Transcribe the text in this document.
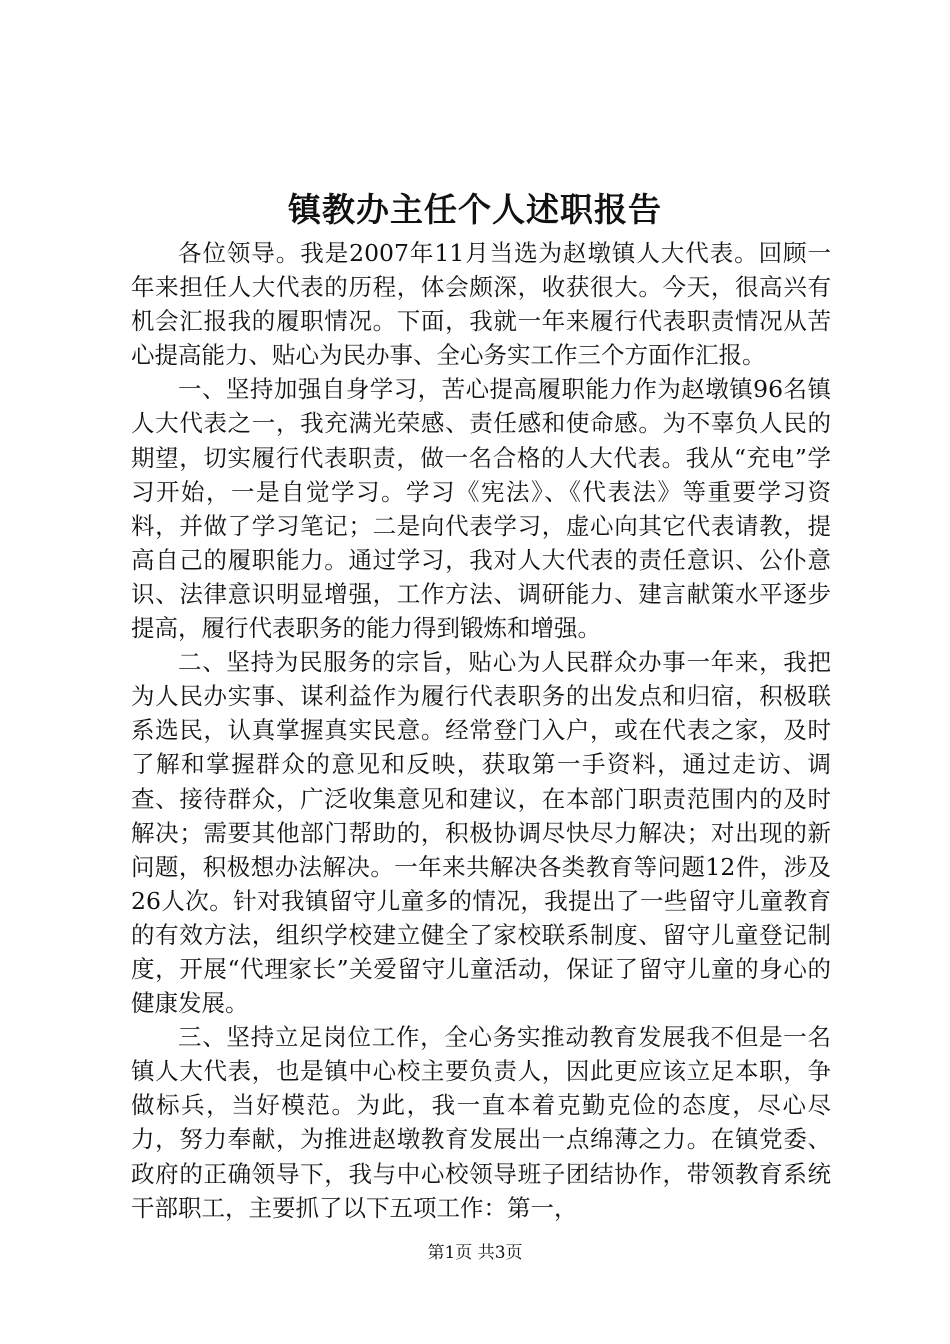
镇教办主任个人述职报告

各位领导。我是2007年11月当选为赵墩镇人大代表。回顾一年来担任人大代表的历程，体会颇深，收获很大。今天，很高兴有机会汇报我的履职情况。下面，我就一年来履行代表职责情况从苦心提高能力、贴心为民办事、全心务实工作三个方面作汇报。

一、坚持加强自身学习，苦心提高履职能力作为赵墩镇96名镇人大代表之一，我充满光荣感、责任感和使命感。为不辜负人民的期望，切实履行代表职责，做一名合格的人大代表。我从“充电”学习开始，一是自觉学习。学习《宪法》、《代表法》等重要学习资料，并做了学习笔记；二是向代表学习，虚心向其它代表请教，提高自己的履职能力。通过学习，我对人大代表的责任意识、公仆意识、法律意识明显增强，工作方法、调研能力、建言献策水平逐步提高，履行代表职务的能力得到锻炼和增强。

二、坚持为民服务的宗旨，贴心为人民群众办事一年来，我把为人民办实事、谋利益作为履行代表职务的出发点和归宿，积极联系选民，认真掌握真实民意。经常登门入户，或在代表之家，及时了解和掌握群众的意见和反映，获取第一手资料，通过走访、调查、接待群众，广泛收集意见和建议，在本部门职责范围内的及时解决；需要其他部门帮助的，积极协调尽快尽力解决；对出现的新问题，积极想办法解决。一年来共解决各类教育等问题12件，涉及26人次。针对我镇留守儿童多的情况，我提出了一些留守儿童教育的有效方法，组织学校建立健全了家校联系制度、留守儿童登记制度，开展“代理家长”关爱留守儿童活动，保证了留守儿童的身心的健康发展。

三、坚持立足岗位工作，全心务实推动教育发展我不但是一名镇人大代表，也是镇中心校主要负责人，因此更应该立足本职，争做标兵，当好模范。为此，我一直本着克勤克俭的态度，尽心尽力，努力奉献，为推进赵墩教育发展出一点绵薄之力。在镇党委、政府的正确领导下，我与中心校领导班子团结协作，带领教育系统干部职工，主要抓了以下五项工作：第一，

第1页 共3页
